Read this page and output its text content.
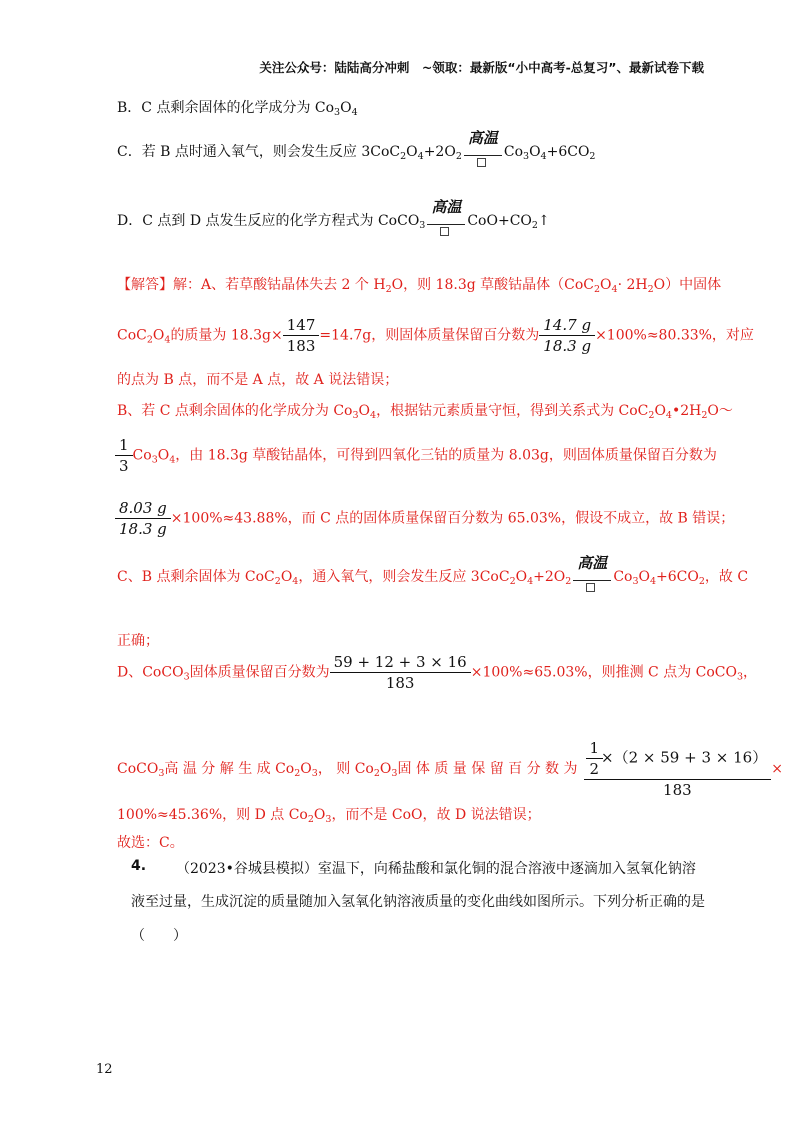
关注公众号：陆陆高分冲刺　~领取：最新版“小中高考-总复习”、最新试卷下载
B．C 点剩余固体的化学成分为 $Co_3O_4$
C．若 B 点时通入氧气，则会发生反应 $3CoC_2O_4+2O_2$
高温
$Co_3O_4+6CO_2$
D．C 点到 D 点发生反应的化学方程式为 CoCO$_3$
高温
$CoO+CO_2↑$
【解答】解：A、若草酸钴晶体失去 2 个 $H_2O$，则 18.3g 草酸钴晶体$(CoC_2O_4\cdot 2H_2O)$中固体
$CoC_2O_4$的质量为 $18.3g\times \frac{147}{183} =14.7g$，则固体质量保留百分数为 $\frac{14.7 g}{18.3 g} \times 100\%\approx 80.33\%$，对应
的点为 B 点，而不是 A 点，故 A 说法错误；
B、若 C 点剩余固体的化学成分为 $Co_3O_4$，根据钴元素质量守恒，得到关系式为 $CoC_2O_4•2H_2O\sim$
$\frac{1}{3} Co_3O_4$，由 18.3g 草酸钴晶体，可得到四氧化三钴的质量为 8.03g，则固体质量保留百分数为
$\frac{8.03 g}{18.3 g} \times 100\%\approx 43.88\%$，而 C 点的固体质量保留百分数为 65.03%，假设不成立，故 B 错误；
C、B 点剩余固体为 $CoC_2O_4$，通入氧气，则会发生反应 $3CoC_2O_4+2O_2$
高温
$Co_3O_4+6CO_2$，故 C
正确；
D、CoCO$_3$固体质量保留百分数为 $\frac{59 + 12 + 3 \times 16}{183} \times 100\%\approx 65.03\%$，则推测 C 点为 CoCO$_3$，
CoCO$_3$高 温 分 解 生 成 $Co_2O_3$， 则 $Co_2O_3$固 体 质 量 保 留 百 分 数 为 $\frac{\frac{1}{2} \times(2 \times 59 + 3 \times 16)}{183}$ ×
100%≈45.36%，则 D 点 $Co_2O_3$，而不是 CoO，故 D 说法错误；
故选：C。
4. （2023•谷城县模拟）室温下，向稀盐酸和氯化铜的混合溶液中逐滴加入氢氧化钠溶
液至过量，生成沉淀的质量随加入氢氧化钠溶液质量的变化曲线如图所示。下列分析正确的是
（　　）
12
